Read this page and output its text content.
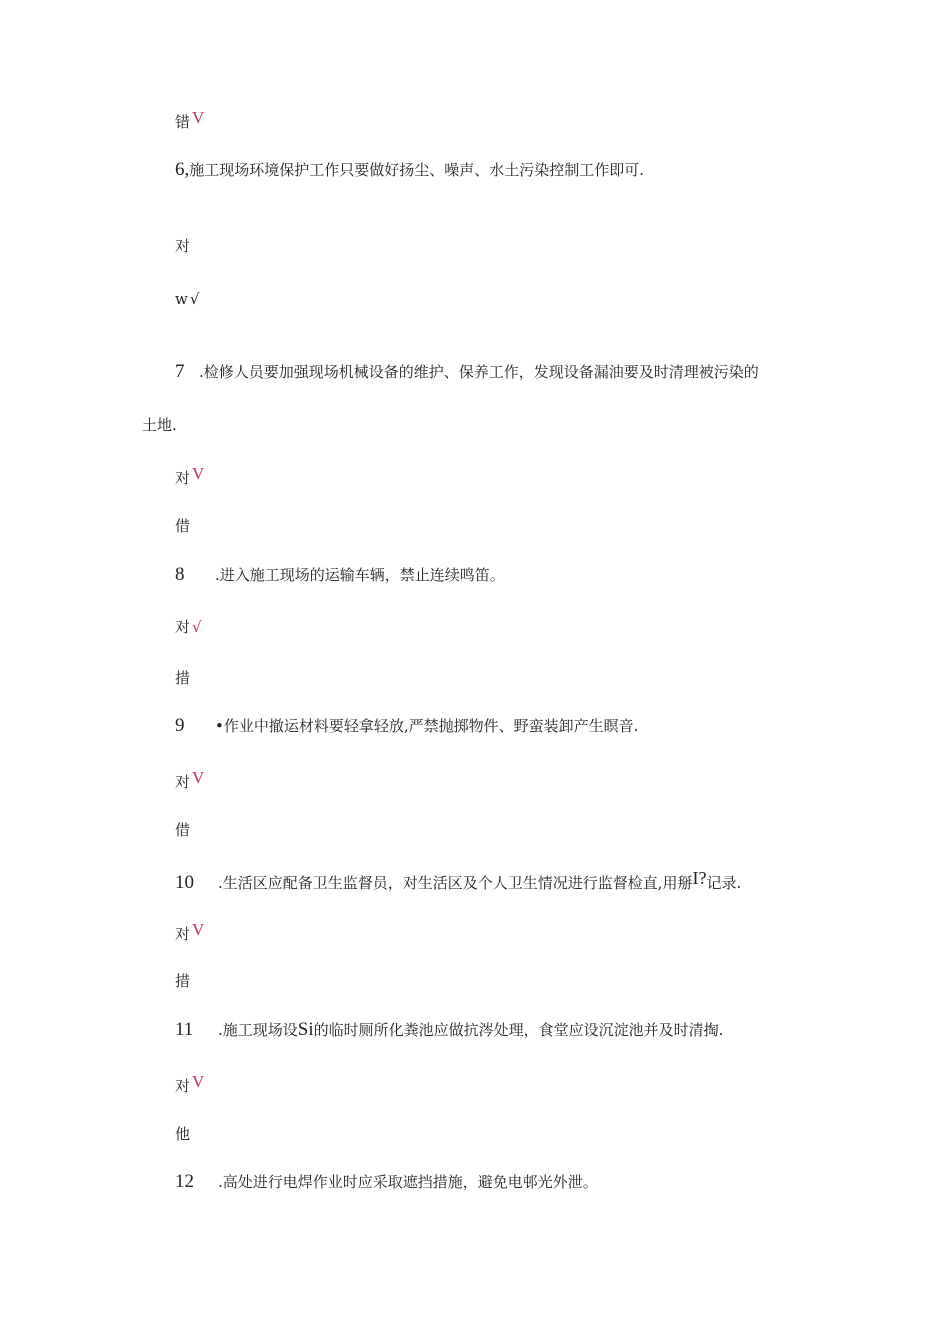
错 V
6,施工现场环境保护工作只要做好扬尘、噪声、水土污染控制工作即可.
对
w √
7 .检修人员要加强现场机械设备的维护、保养工作，发现设备漏油要及时清理被污染的
土地.
对 V
借
8 .进入施工现场的运输车辆，禁止连续鸣笛。
对 √
措
9 •作业中撤运材料要轻拿轻放,严禁抛掷物件、野蛮装卸产生瞑音.
对 V
借
10 .生活区应配备卫生监督员，对生活区及个人卫生情况进行监督检直,用掰I?记录.
对 V
措
11 .施工现场设Si的临时厕所化粪池应做抗涔处理，食堂应设沉淀池并及时清掏.
对 V
他
12 .高处进行电焊作业时应采取遮挡措施，避免电邨光外泄。
